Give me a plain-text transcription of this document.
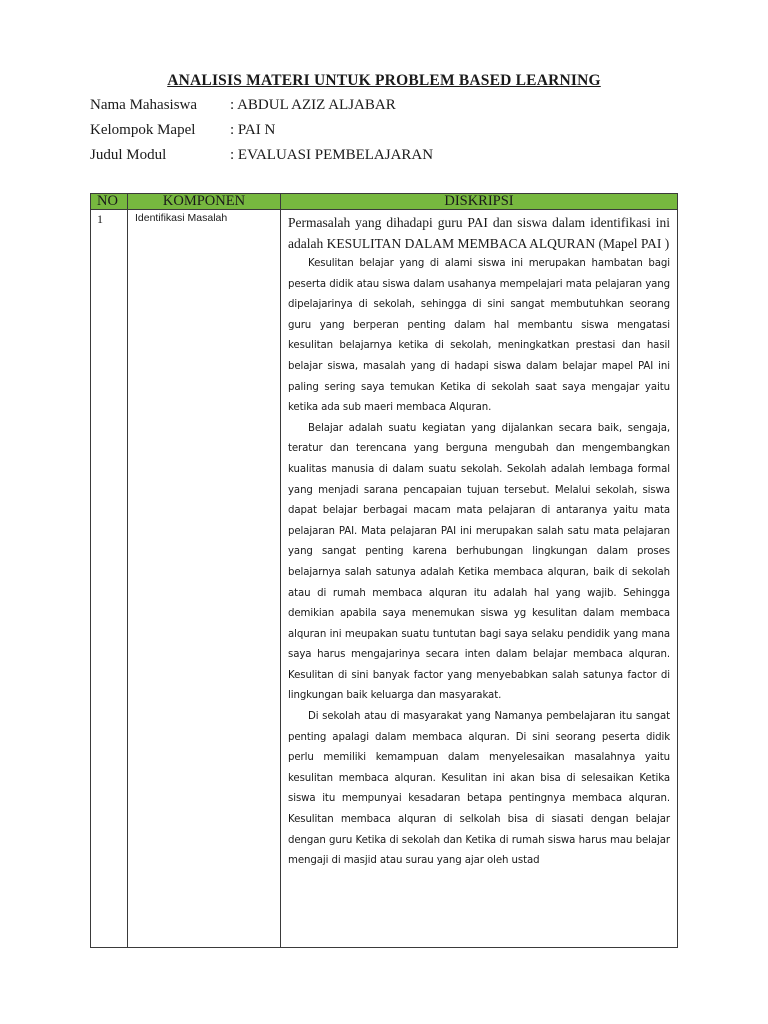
ANALISIS MATERI UNTUK PROBLEM BASED LEARNING
Nama Mahasiswa : ABDUL AZIZ ALJABAR
Kelompok Mapel : PAI N
Judul Modul	: EVALUASI PEMBELAJARAN
NO	KOMPONEN	DISKRIPSI
1	Identifikasi Masalah	Permasalah yang dihadapi guru PAI dan siswa dalam identifikasi ini adalah KESULITAN DALAM MEMBACA ALQURAN (Mapel PAI )

Kesulitan belajar yang di alami siswa ini merupakan hambatan bagi peserta didik atau siswa dalam usahanya mempelajari mata pelajaran yang dipelajarinya di sekolah, sehingga di sini sangat membutuhkan seorang guru yang berperan penting dalam hal membantu siswa mengatasi kesulitan belajarnya ketika di sekolah, meningkatkan prestasi dan hasil belajar siswa, masalah yang di hadapi siswa dalam belajar mapel PAI ini paling sering saya temukan Ketika di sekolah saat saya mengajar yaitu ketika ada sub maeri membaca Alquran.

Belajar adalah suatu kegiatan yang dijalankan secara baik, sengaja, teratur dan terencana yang berguna mengubah dan mengembangkan kualitas manusia di dalam suatu sekolah. Sekolah adalah lembaga formal yang menjadi sarana pencapaian tujuan tersebut. Melalui sekolah, siswa dapat belajar berbagai macam mata pelajaran di antaranya yaitu mata pelajaran PAI. Mata pelajaran PAI ini merupakan salah satu mata pelajaran yang sangat penting karena berhubungan lingkungan dalam proses belajarnya salah satunya adalah Ketika membaca alquran, baik di sekolah atau di rumah membaca alquran itu adalah hal yang wajib. Sehingga demikian apabila saya menemukan siswa yg kesulitan dalam membaca alquran ini meupakan suatu tuntutan bagi saya selaku pendidik yang mana saya harus mengajarinya secara inten dalam belajar membaca alquran. Kesulitan di sini banyak factor yang menyebabkan salah satunya factor di lingkungan baik keluarga dan masyarakat.

Di sekolah atau di masyarakat yang Namanya pembelajaran itu sangat penting apalagi dalam membaca alquran. Di sini seorang peserta didik perlu memiliki kemampuan dalam menyelesaikan masalahnya yaitu kesulitan membaca alquran. Kesulitan ini akan bisa di selesaikan Ketika siswa itu mempunyai kesadaran betapa pentingnya membaca alquran. Kesulitan membaca alquran di selkolah bisa di siasati dengan belajar dengan guru Ketika di sekolah dan Ketika di rumah siswa harus mau belajar mengaji di masjid atau surau yang ajar oleh ustad
